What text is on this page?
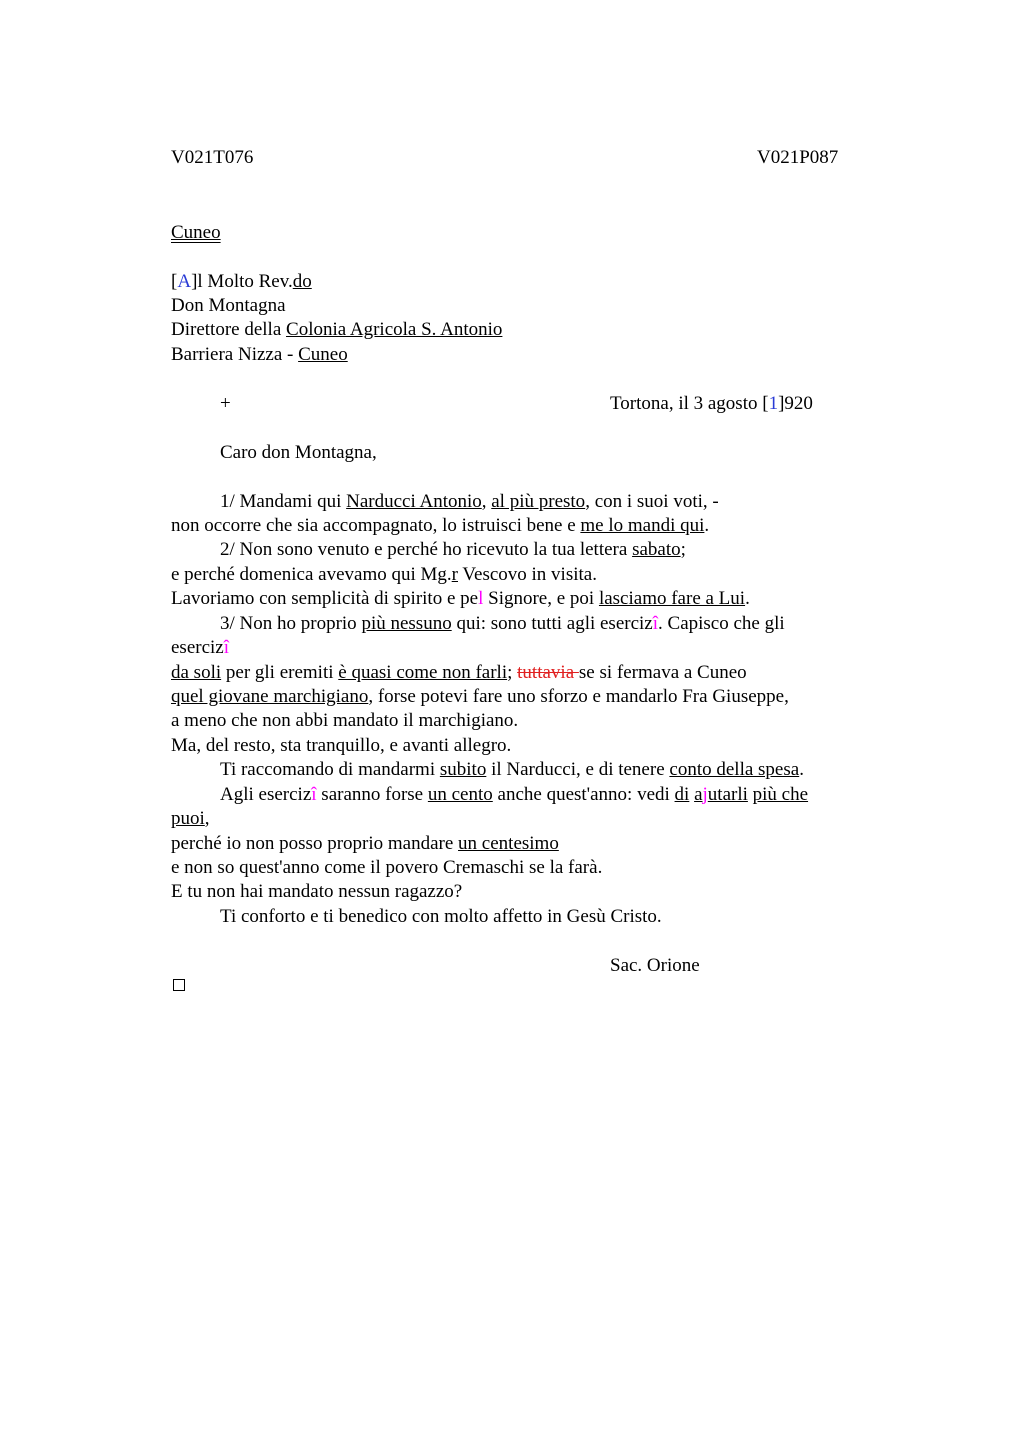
V021T076	V021P087
Cuneo
[A]l Molto Rev.do
Don Montagna
Direttore della Colonia Agricola S. Antonio
Barriera Nizza - Cuneo
+	Tortona, il 3 agosto [1]920
Caro don Montagna,
1/ Mandami qui Narducci Antonio, al più presto, con i suoi voti, -
non occorre che sia accompagnato, lo istruisci bene e me lo mandi qui.
2/ Non sono venuto e perché ho ricevuto la tua lettera sabato;
e perché domenica avevamo qui Mg.r Vescovo in visita.
Lavoriamo con semplicità di spirito e pel Signore, e poi lasciamo fare a Lui.
3/ Non ho proprio più nessuno qui: sono tutti agli esercizî. Capisco che gli
esercizî
da soli per gli eremiti è quasi come non farli; tuttavia se si fermava a Cuneo
quel giovane marchigiano, forse potevi fare uno sforzo e mandarlo Fra Giuseppe,
a meno che non abbi mandato il marchigiano.
Ma, del resto, sta tranquillo, e avanti allegro.
Ti raccomando di mandarmi subito il Narducci, e di tenere conto della spesa.
Agli esercizî saranno forse un cento anche quest'anno: vedi di ajutarli più che
puoi,
perché io non posso proprio mandare un centesimo
e non so quest'anno come il povero Cremaschi se la farà.
E tu non hai mandato nessun ragazzo?
Ti conforto e ti benedico con molto affetto in Gesù Cristo.
Sac. Orione
